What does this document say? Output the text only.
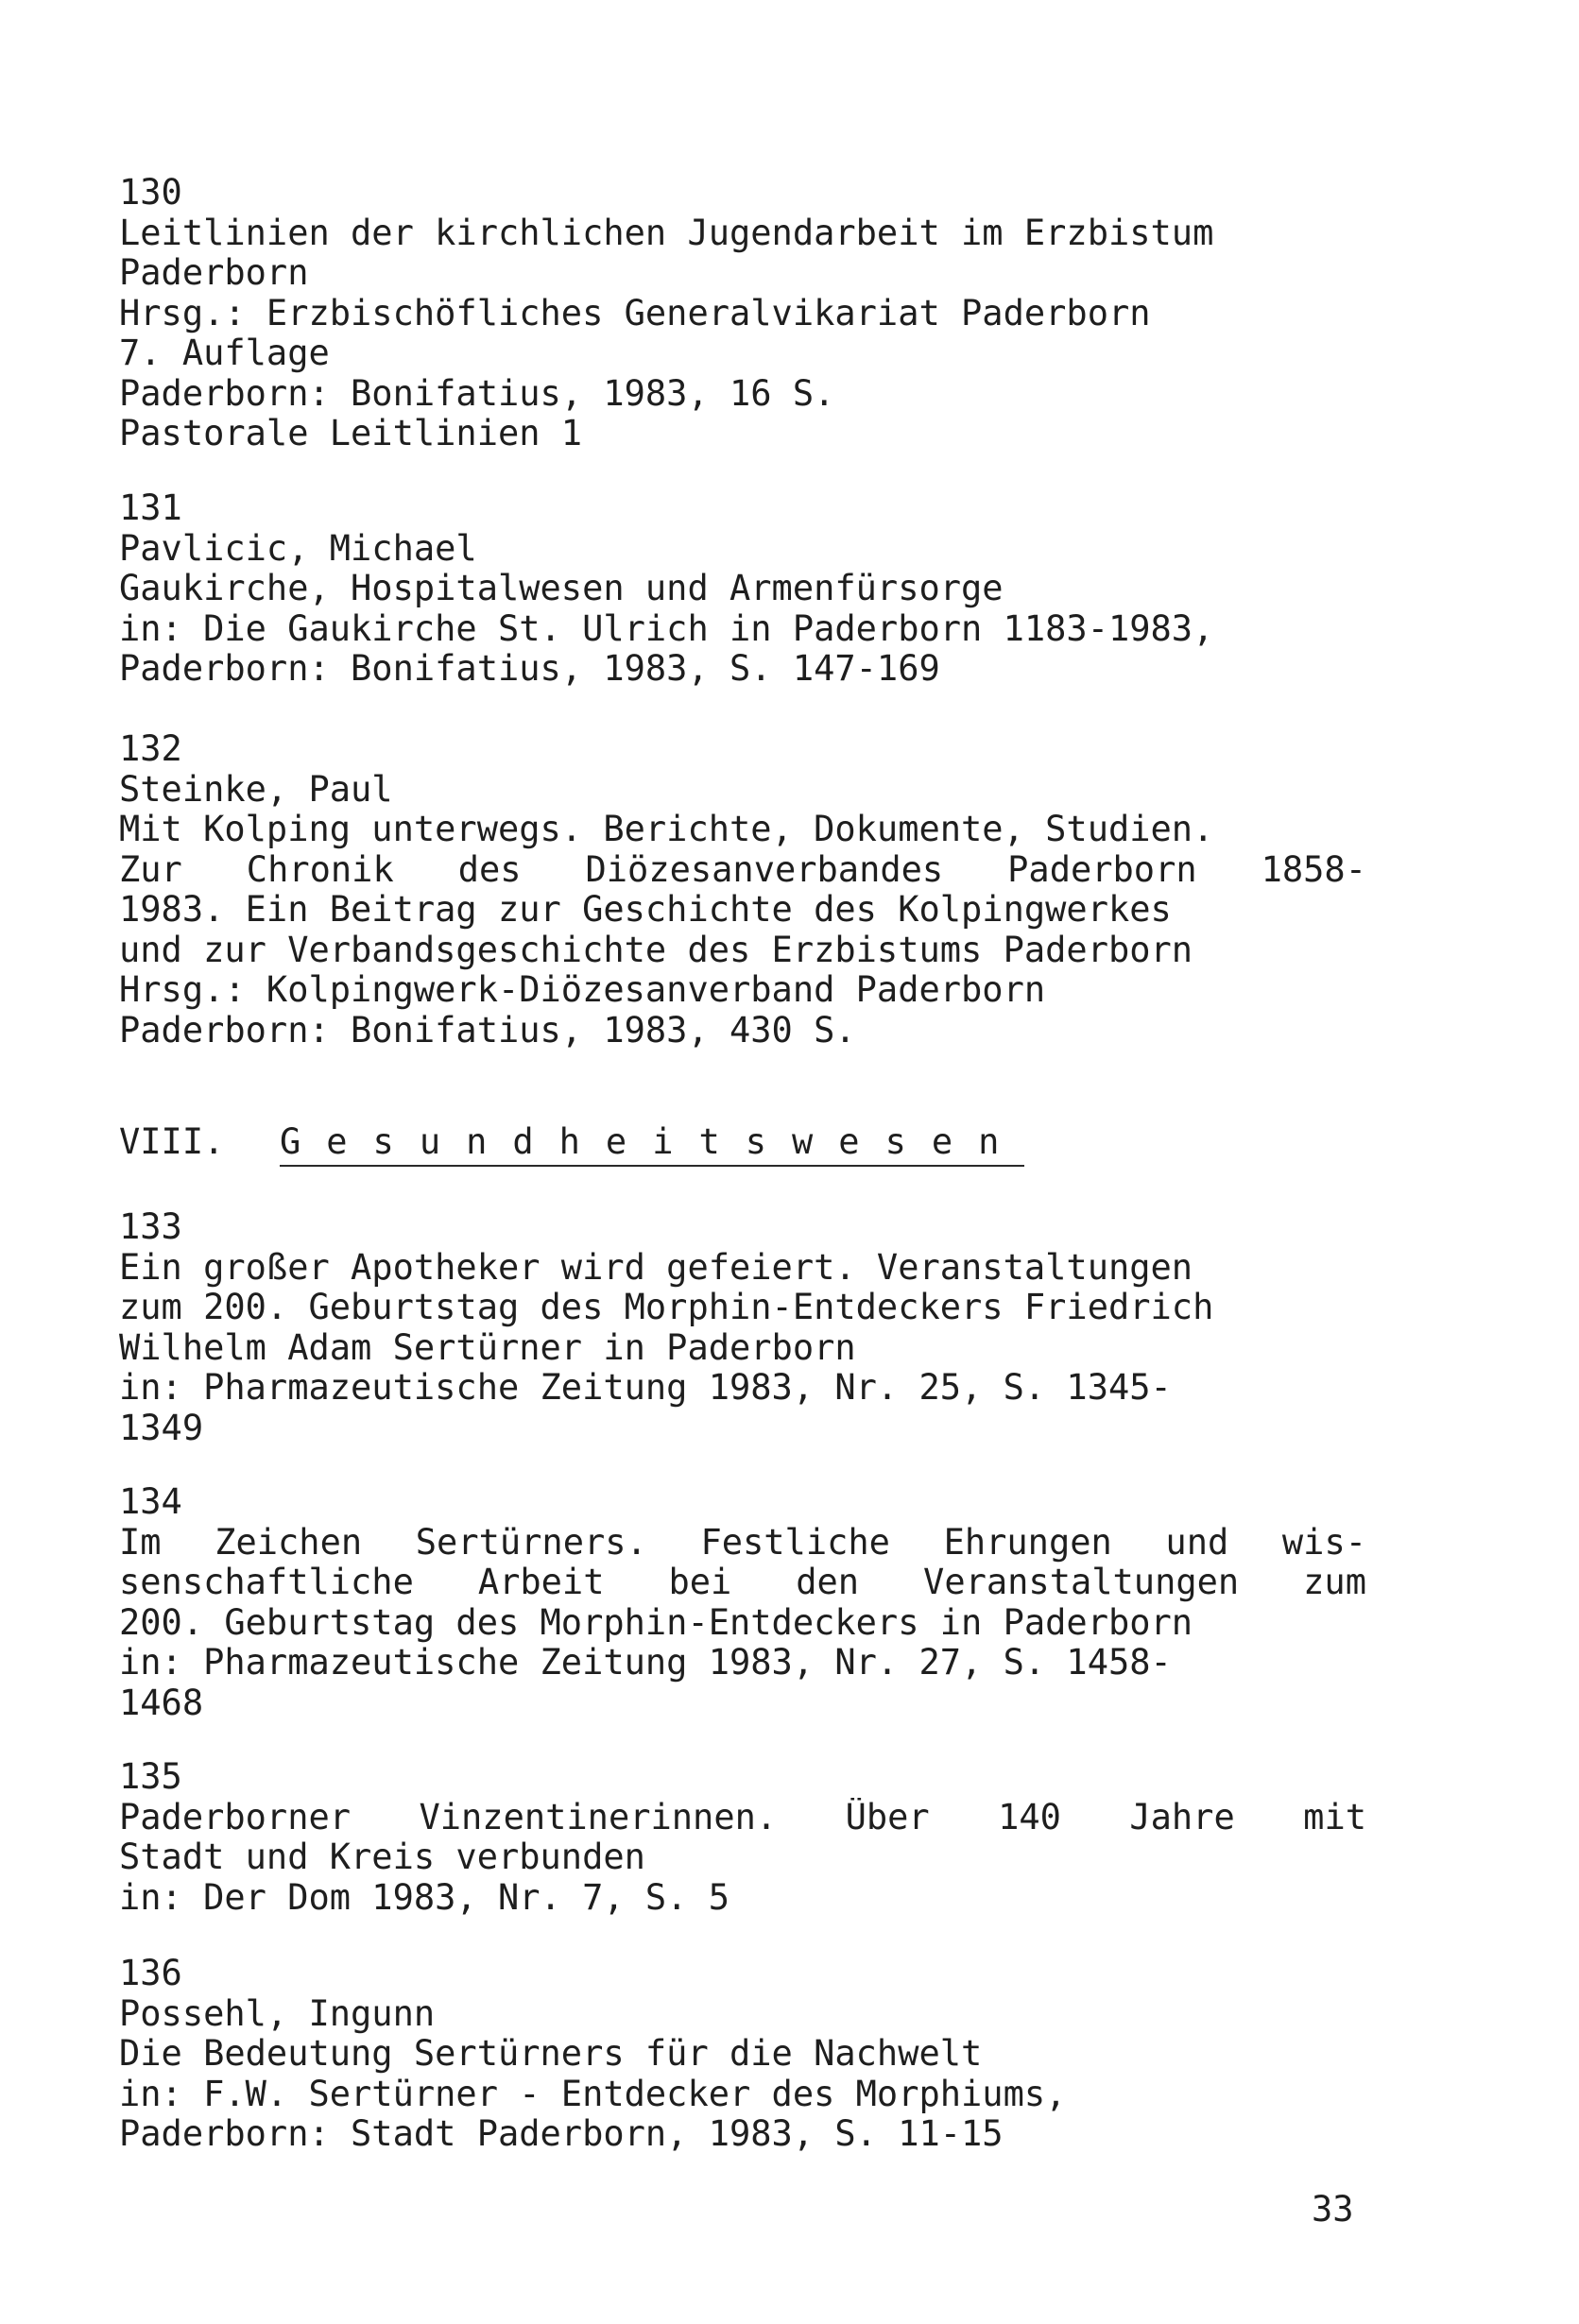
130
Leitlinien der kirchlichen Jugendarbeit im Erzbistum
Paderborn
Hrsg.: Erzbischöfliches Generalvikariat Paderborn
7. Auflage
Paderborn: Bonifatius, 1983, 16 S.
Pastorale Leitlinien 1
131
Pavlicic, Michael
Gaukirche, Hospitalwesen und Armenfürsorge
in: Die Gaukirche St. Ulrich in Paderborn 1183-1983,
Paderborn: Bonifatius, 1983, S. 147-169
132
Steinke, Paul
Mit Kolping unterwegs. Berichte, Dokumente, Studien.
Zur Chronik des Diözesanverbandes Paderborn 1858-
1983. Ein Beitrag zur Geschichte des Kolpingwerkes
und zur Verbandsgeschichte des Erzbistums Paderborn
Hrsg.: Kolpingwerk-Diözesanverband Paderborn
Paderborn: Bonifatius, 1983, 430 S.
VIII. Gesundheitswesen
133
Ein großer Apotheker wird gefeiert. Veranstaltungen
zum 200. Geburtstag des Morphin-Entdeckers Friedrich
Wilhelm Adam Sertürner in Paderborn
in: Pharmazeutische Zeitung 1983, Nr. 25, S. 1345-
1349
134
Im Zeichen Sertürners. Festliche Ehrungen und wis-
senschaftliche Arbeit bei den Veranstaltungen zum
200. Geburtstag des Morphin-Entdeckers in Paderborn
in: Pharmazeutische Zeitung 1983, Nr. 27, S. 1458-
1468
135
Paderborner Vinzentinerinnen. Über 140 Jahre mit
Stadt und Kreis verbunden
in: Der Dom 1983, Nr. 7, S. 5
136
Possehl, Ingunn
Die Bedeutung Sertürners für die Nachwelt
in: F.W. Sertürner - Entdecker des Morphiums,
Paderborn: Stadt Paderborn, 1983, S. 11-15
33
